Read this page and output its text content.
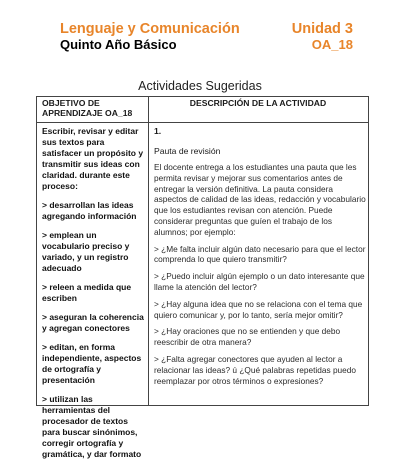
Lenguaje y Comunicación
Quinto Año Básico
Unidad 3
OA_18
Actividades Sugeridas
OBJETIVO DE APRENDIZAJE OA_18
DESCRIPCIÓN DE LA ACTIVIDAD

Escribir, revisar y editar sus textos para satisfacer un propósito y transmitir sus ideas con claridad. durante este proceso:

> desarrollan las ideas agregando información

> emplean un vocabulario preciso y variado, y un registro adecuado

> releen a medida que escriben

> aseguran la coherencia y agregan conectores

> editan, en forma independiente, aspectos de ortografía y presentación

> utilizan las herramientas del procesador de textos para buscar sinónimos, corregir ortografía y gramática, y dar formato

1.
Pauta de revisión

El docente entrega a los estudiantes una pauta que les permita revisar y mejorar sus comentarios antes de entregar la versión definitiva. La pauta considera aspectos de calidad de las ideas, redacción y vocabulario que los estudiantes revisan con atención. Puede considerar preguntas que guíen el trabajo de los alumnos; por ejemplo:

> ¿Me falta incluir algún dato necesario para que el lector comprenda lo que quiero transmitir?

> ¿Puedo incluir algún ejemplo o un dato interesante que llame la atención del lector?

> ¿Hay alguna idea que no se relaciona con el tema que quiero comunicar y, por lo tanto, sería mejor omitir?

> ¿Hay oraciones que no se entienden y que debo reescribir de otra manera?

> ¿Falta agregar conectores que ayuden al lector a relacionar las ideas? ú ¿Qué palabras repetidas puedo reemplazar por otros términos o expresiones?
